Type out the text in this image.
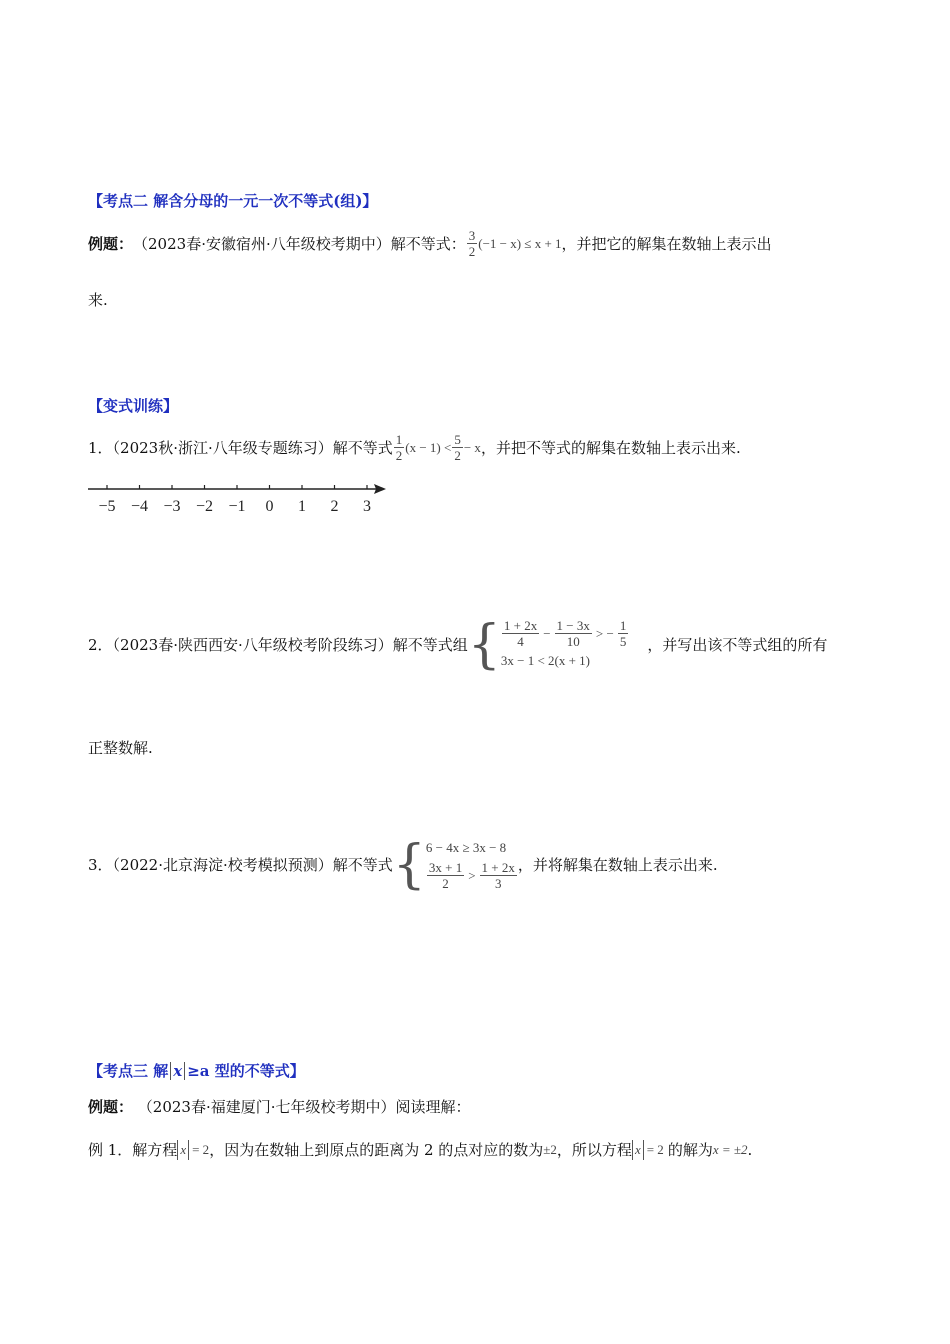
【考点二 解含分母的一元一次不等式(组)】
例题： （2023春·安徽宿州·八年级校考期中）解不等式： $\frac{3}{2} (-1 - x) \le x + 1$ ，并把它的解集在数轴上表示出
来.
【变式训练】
1．（2023秋·浙江·八年级专题练习）解不等式 $\frac{1}{2} (x - 1) < \frac{5}{2} - x$ ，并把不等式的解集在数轴上表示出来.
−5 −4 −3 −2 −1 0 1 2 3
2．（2023春·陕西西安·八年级校考阶段练习）解不等式组 { $\frac{1 + 2x}{4} - \frac{1 - 3x}{10}$ > − $\frac{1}{5}$
3x − 1 < 2(x + 1)
，并写出该不等式组的所有
正整数解.
3．（2022·北京海淀·校考模拟预测）解不等式 { 6 − 4x ≥ 3x − 8
$\frac{3x + 1}{2} > \frac{1 + 2x}{3}$ ，并将解集在数轴上表示出来.
【考点三 解 x ≥a 型的不等式】
例题： （2023春·福建厦门·七年级校考期中）阅读理解：
例 1．解方程 x = 2 ，因为在数轴上到原点的距离为 2 的点对应的数为 ±2 ，所以方程 x = 2 的解为 x = ±2 .
